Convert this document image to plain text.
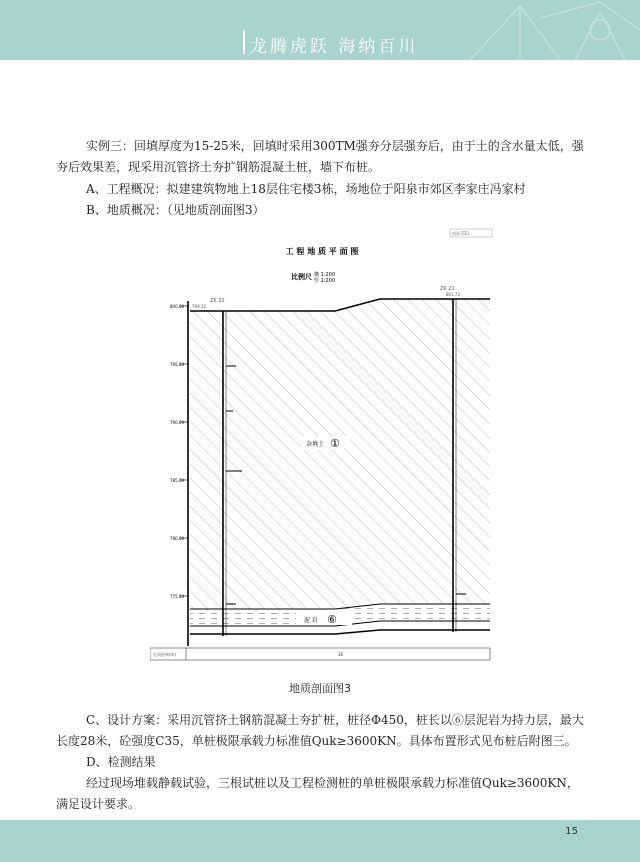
龙腾虎跃 海纳百川

实例三：回填厚度为15-25米，回填时采用300TM强夯分层强夯后，由于土的含水量太低，强夯后效果差，现采用沉管挤土夯扩钢筋混凝土桩，墙下布桩。

A、工程概况：拟建建筑物地上18层住宅楼3栋，场地位于阳泉市郊区李家庄冯家村

B、地质概况：（见地质剖面图3）

工 程 地 质 平 面 图
比例尺 横 1:200
竖 1:200
剖面 ZZ1
800.00
795.00
790.00
785.00
780.00
775.00
ZK 22
799.32
ZK 21
801.72
杂填土 ①
泥 岩 ⑥
孔间距离(m)	36
地质剖面图3

C、设计方案：采用沉管挤土钢筋混凝土夯扩桩，桩径Φ450，桩长以⑥层泥岩为持力层，最大长度28米，砼强度C35，单桩极限承载力标准值Quk≥3600KN。具体布置形式见布桩后附图三。

D、检测结果

经过现场堆载静载试验，三根试桩以及工程检测桩的单桩极限承载力标准值Quk≥3600KN，满足设计要求。

15
